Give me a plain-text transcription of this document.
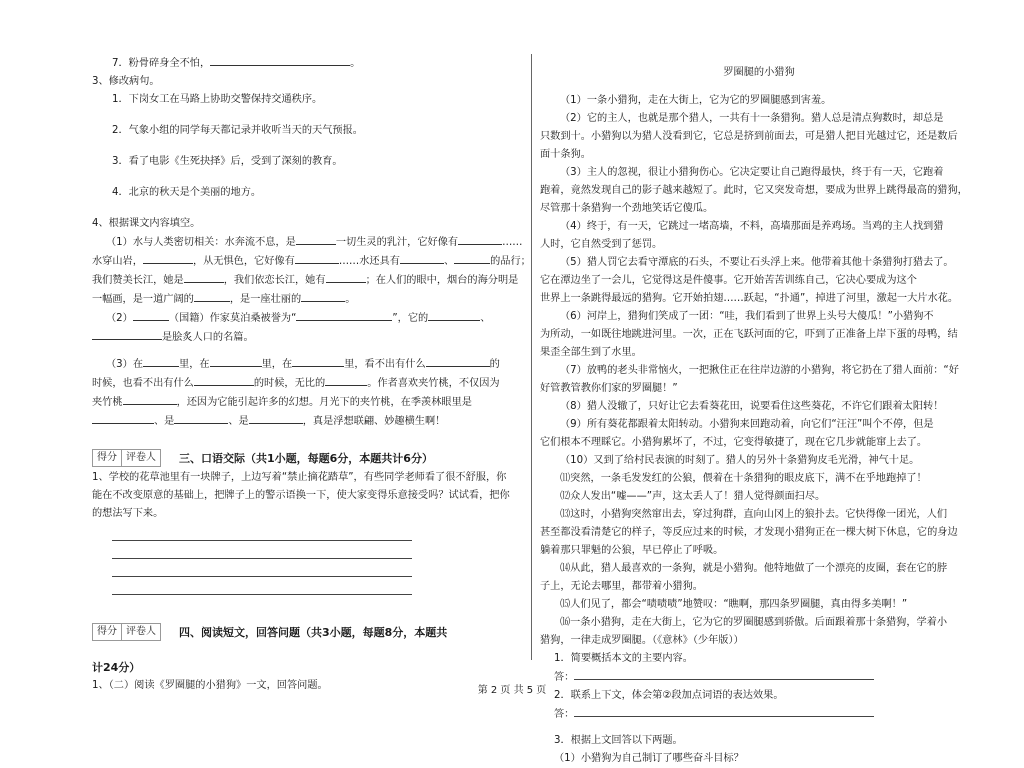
7．粉骨碎身全不怕，	。

3、修改病句。

1．下岗女工在马路上协助交警保持交通秩序。

2．气象小组的同学每天都记录并收听当天的天气预报。

3．看了电影《生死抉择》后，受到了深刻的教育。

4．北京的秋天是个美丽的地方。

4、根据课文内容填空。

（1）水与人类密切相关：水奔流不息，是	一切生灵的乳汁，它好像有	……

水穿山岩，	，从无惧色，它好像有	……水还具有	、	的品行；

我们赞美长江，她是	，我们依恋长江，她有	；在人们的眼中，烟台的海分明是

一幅画，是一道广阔的	，是一座壮丽的	。

（2）	（国籍）作家莫泊桑被誉为“	”，它的	、

是脍炙人口的名篇。

（3）在	里，在	里，在	里，看不出有什么	的

时候，也看不出有什么	的时候，无比的	。作者喜欢夹竹桃，不仅因为

夹竹桃	，还因为它能引起许多的幻想。月光下的夹竹桃，在季羡林眼里是

、是	、是	，真是浮想联翩、妙趣横生啊！

得分 评卷人	三、口语交际（共1小题，每题6分，本题共计6分）

1、学校的花草池里有一块牌子，上边写着“禁止摘花踏草”，有些同学老师看了很不舒服，你

能在不改变原意的基础上，把牌子上的警示语换一下，使大家变得乐意接受吗？试试看，把你

的想法写下来。

得分 评卷人	四、阅读短文，回答问题（共3小题，每题8分，本题共

计24分）

1、（二）阅读《罗圈腿的小猎狗》一文，回答问题。

罗圈腿的小猎狗

（1）一条小猎狗，走在大街上，它为它的罗圈腿感到害羞。

（2）它的主人，也就是那个猎人，一共有十一条猎狗。猎人总是清点狗数时，却总是

只数到十。小猎狗以为猎人没看到它，它总是挤到前面去，可是猎人把目光越过它，还是数后

面十条狗。

（3）主人的忽视，很让小猎狗伤心。它决定要让自己跑得最快，终于有一天，它跑着

跑着，竟然发现自己的影子越来越短了。此时，它又突发奇想，要成为世界上跳得最高的猎狗，

尽管那十条猎狗一个劲地笑话它傻瓜。

（4）终于，有一天，它跳过一堵高墙，不料，高墙那面是养鸡场。当鸡的主人找到猎

人时，它自然受到了惩罚。

（5）猎人罚它去看守潭底的石头，不要让石头浮上来。他带着其他十条猎狗打猎去了。

它在潭边坐了一会儿，它觉得这是件傻事。它开始苦苦训练自己，它决心要成为这个

世界上一条跳得最远的猎狗。它开始拍翅……跃起，“扑通”，掉进了河里，激起一大片水花。

（6）河岸上，猎狗们笑成了一团：“哇，我们看到了世界上头号大傻瓜！”小猎狗不

为所动，一如既往地跳进河里。一次，正在飞跃河面的它，吓到了正准备上岸下蛋的母鸭，结

果歪全部生到了水里。

（7）放鸭的老头非常恼火，一把揪住正在往岸边游的小猎狗，将它扔在了猎人面前：“好

好管教管教你们家的罗圈腿！”

（8）猎人没辙了，只好让它去看葵花田，说要看住这些葵花，不许它们跟着太阳转！

（9）所有葵花都跟着太阳转动。小猎狗来回跑动着，向它们“汪汪”叫个不停，但是

它们根本不理睬它。小猎狗累坏了，不过，它变得敏捷了，现在它几步就能窜上去了。

（10）又到了给村民表演的时刻了。猎人的另外十条猎狗皮毛光滑，神气十足。

⑾突然，一条毛发发红的公狼，偎着在十条猎狗的眼皮底下，满不在乎地跑掉了！

⑿众人发出“嘘——”声，这太丢人了！猎人觉得颜面扫尽。

⒀这时，小猎狗突然窜出去，穿过狗群，直向山冈上的狼扑去。它快得像一团光，人们

甚至都没看清楚它的样子，等反应过来的时候，才发现小猎狗正在一棵大树下休息，它的身边

躺着那只罪魁的公狼，早已停止了呼吸。

⒁从此，猎人最喜欢的一条狗，就是小猎狗。他特地做了一个漂亮的皮圈，套在它的脖

子上，无论去哪里，都带着小猎狗。

⒂人们见了，都会“啧啧啧”地赞叹：“瞧啊，那四条罗圈腿，真由得多美啊！”

⒃一条小猎狗，走在大街上，它为它的罗圈腿感到骄傲。后面跟着那十条猎狗，学着小

猎狗，一律走成罗圈腿。（《意林》（少年版））

1．简要概括本文的主要内容。

答：

2．联系上下文，体会第②段加点词语的表达效果。

答：

3．根据上文回答以下两题。

（1）小猎狗为自己制订了哪些奋斗目标？

第 2 页 共 5 页
